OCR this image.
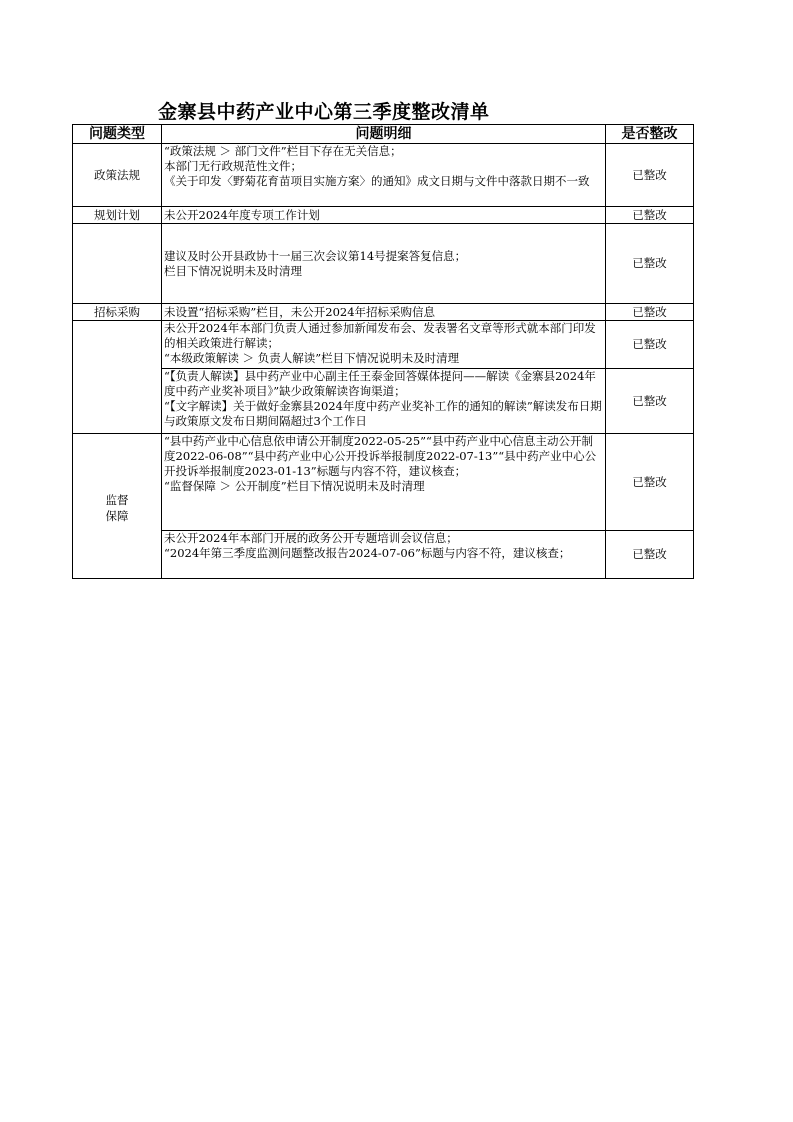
金寨县中药产业中心第三季度整改清单
问题类型	问题明细	是否整改
政策法规	“政策法规 ＞ 部门文件”栏目下存在无关信息；
本部门无行政规范性文件；
《关于印发〈野菊花育苗项目实施方案〉的通知》成文日期与文件中落款日期不一致	已整改
规划计划	未公开2024年度专项工作计划	已整改

	建议及时公开县政协十一届三次会议第14号提案答复信息；
栏目下情况说明未及时清理	已整改
招标采购	未设置“招标采购”栏目，未公开2024年招标采购信息	已整改

	未公开2024年本部门负责人通过参加新闻发布会、发表署名文章等形式就本部门印发的相关政策进行解读；
“本级政策解读 ＞ 负责人解读”栏目下情况说明未及时清理	已整改

	“【负责人解读】县中药产业中心副主任王泰金回答媒体提问——解读《金寨县2024年度中药产业奖补项目》”缺少政策解读咨询渠道；
“【文字解读】关于做好金寨县2024年度中药产业奖补工作的通知的解读”解读发布日期与政策原文发布日期间隔超过3个工作日	已整改
监督保障	“县中药产业中心信息依申请公开制度2022-05-25”“县中药产业中心信息主动公开制度2022-06-08”“县中药产业中心公开投诉举报制度2022-07-13”“县中药产业中心公开投诉举报制度2023-01-13”标题与内容不符，建议核查；
“监督保障 ＞ 公开制度”栏目下情况说明未及时清理	已整改

	未公开2024年本部门开展的政务公开专题培训会议信息；
“2024年第三季度监测问题整改报告2024-07-06”标题与内容不符，建议核查；	已整改
